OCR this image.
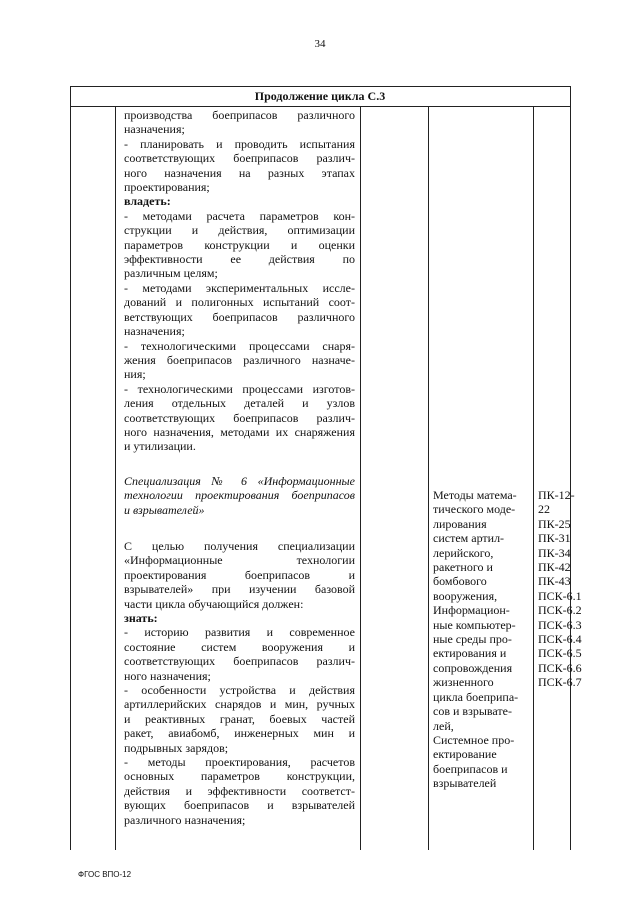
34
Продолжение цикла С.3

производства боеприпасов различного

назначения;

- планировать и проводить испытания

соответствующих боеприпасов различ-

ного назначения на разных этапах

проектирования;

владеть:

- методами расчета параметров кон-

струкции и действия, оптимизации

параметров конструкции и оценки

эффективности ее действия по

различным целям;

- методами экспериментальных иссле-

дований и полигонных испытаний соот-

ветствующих боеприпасов различного

назначения;

- технологическими процессами снаря-

жения боеприпасов различного назначе-

ния;

- технологическими процессами изготов-

ления отдельных деталей и узлов

соответствующих боеприпасов различ-

ного назначения, методами их снаряжения

и утилизации.

Специализация № 6 «Информационные

технологии проектирования боеприпасов

и взрывателей»

С целью получения специализации

«Информационные технологии

проектирования боеприпасов и

взрывателей» при изучении базовой

части цикла обучающийся должен:

знать:

- историю развития и современное

состояние систем вооружения и

соответствующих боеприпасов различ-

ного назначения;

- особенности устройства и действия

артиллерийских снарядов и мин, ручных

и реактивных гранат, боевых частей

ракет, авиабомб, инженерных мин и

подрывных зарядов;

- методы проектирования, расчетов

основных параметров конструкции,

действия и эффективности соответст-

вующих боеприпасов и взрывателей

различного назначения;

Методы матема-

тического моде-

лирования

систем артил-

лерийского,

ракетного и

бомбового

вооружения,

Информацион-

ные компьютер-

ные среды про-

ектирования и

сопровождения

жизненного

цикла боеприпа-

сов и взрывате-

лей,

Системное про-

ектирование

боеприпасов и

взрывателей

ПК-12-22
ПК-25
ПК-31
ПК-34
ПК-42
ПК-43
ПСК-6.1
ПСК-6.2
ПСК-6.3
ПСК-6.4
ПСК-6.5
ПСК-6.6
ПСК-6.7
ФГОС ВПО-12
